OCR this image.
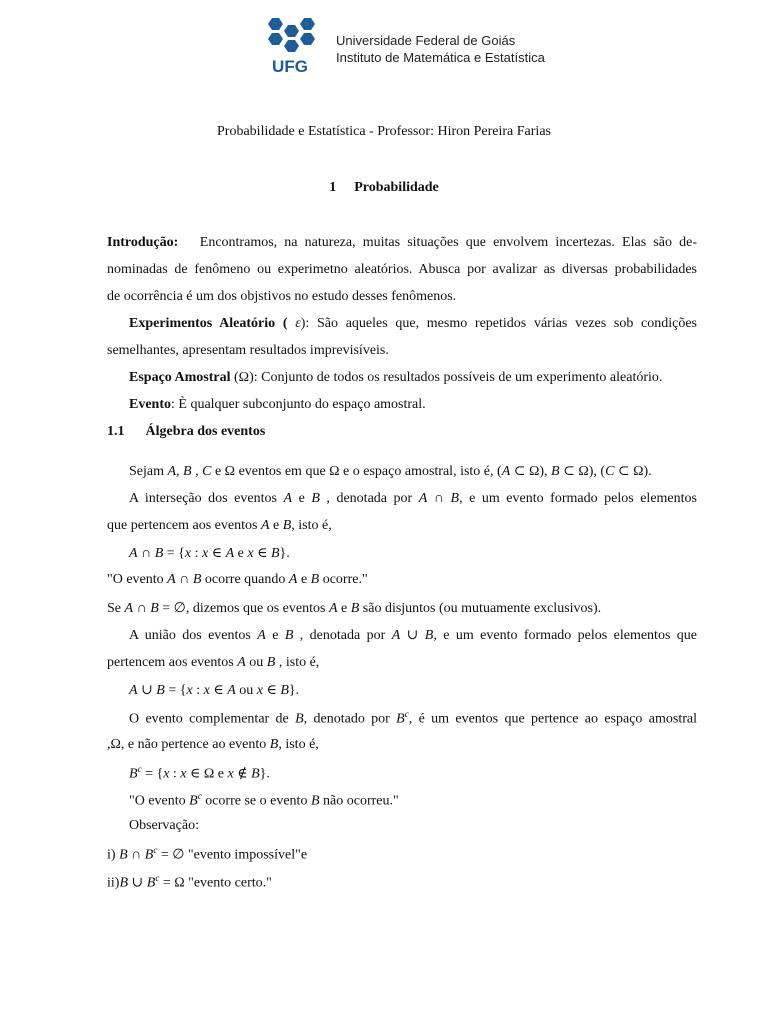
UFG
Universidade Federal de Goiás
Instituto de Matemática e Estatística
Probabilidade e Estatística - Professor: Hiron Pereira Farias
1 Probabilidade
Introdução: Encontramos, na natureza, muitas situações que envolvem incertezas. Elas são de-
nominadas de fenômeno ou experimetno aleatórios. Abusca por avalizar as diversas probabilidades
de ocorrência é um dos objstivos no estudo desses fenômenos.
Experimentos Aleatório ( ε): São aqueles que, mesmo repetidos várias vezes sob condições
semelhantes, apresentam resultados imprevisíveis.
Espaço Amostral (Ω): Conjunto de todos os resultados possíveis de um experimento aleatório.
Evento: È qualquer subconjunto do espaço amostral.
1.1 Álgebra dos eventos
Sejam A, B , C e Ω eventos em que Ω e o espaço amostral, isto é, (A ⊂ Ω), B ⊂ Ω), (C ⊂ Ω).
A interseção dos eventos A e B , denotada por A ∩ B, e um evento formado pelos elementos
que pertencem aos eventos A e B, isto é,
A ∩ B = {x : x ∈ A e x ∈ B}.
"O evento A ∩ B ocorre quando A e B ocorre."
Se A ∩ B = ∅, dizemos que os eventos A e B são disjuntos (ou mutuamente exclusivos).
A união dos eventos A e B , denotada por A ∪ B, e um evento formado pelos elementos que
pertencem aos eventos A ou B , isto é,
A ∪ B = {x : x ∈ A ou x ∈ B}.
O evento complementar de B, denotado por $B^c$, é um eventos que pertence ao espaço amostral
,Ω, e não pertence ao evento B, isto é,
$B^c = \{x$ : x ∈ Ω e x ∉ B}.
"O evento $B^c$ ocorre se o evento B não ocorreu."
Observação:
i) B ∩ $B^c$ = ∅ "evento impossível"e
ii)B ∪ $B^c = \Omega$ "evento certo."
